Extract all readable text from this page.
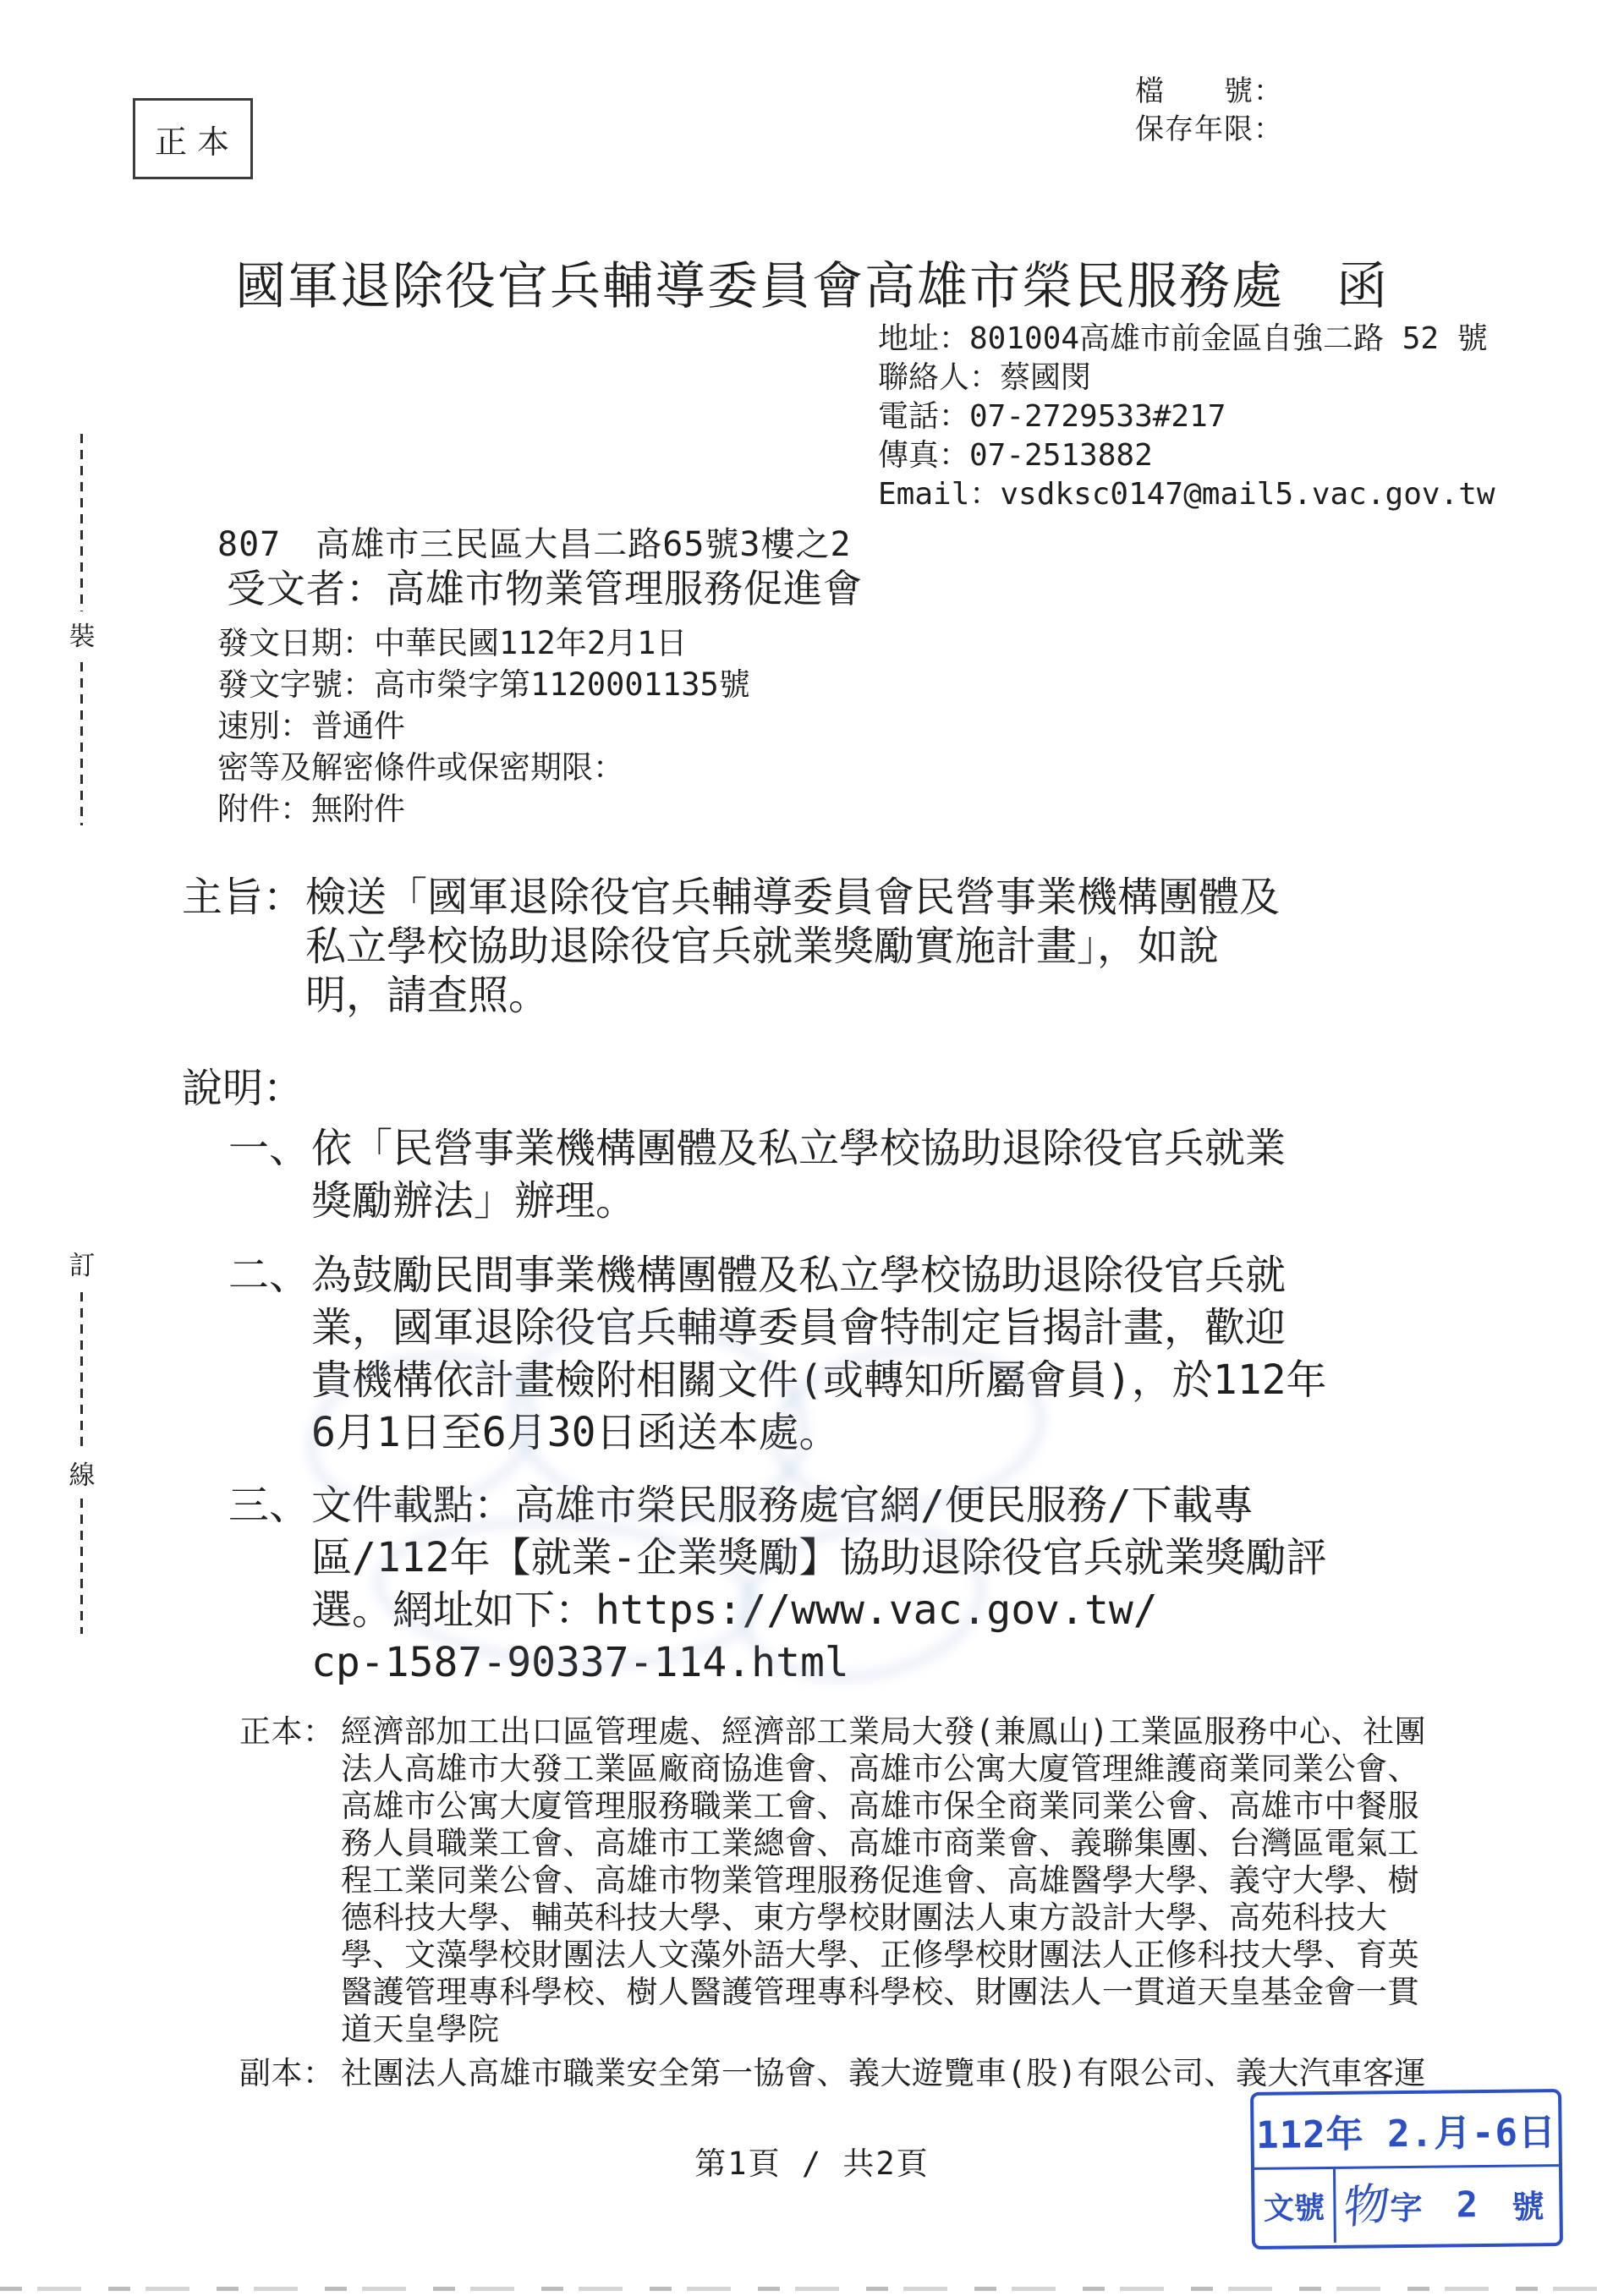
正本
檔　　號：
保存年限：
國軍退除役官兵輔導委員會高雄市榮民服務處　函
地址：801004高雄市前金區自強二路 52 號
聯絡人：蔡國閔
電話：07-2729533#217
傳真：07-2513882
Email：vsdksc0147@mail5.vac.gov.tw
807　高雄市三民區大昌二路65號3樓之2
受文者：高雄市物業管理服務促進會
發文日期：中華民國112年2月1日
發文字號：高市榮字第1120001135號
速別：普通件
密等及解密條件或保密期限：
附件：無附件
主旨： 檢送「國軍退除役官兵輔導委員會民營事業機構團體及
私立學校協助退除役官兵就業獎勵實施計畫」，如說
明，請查照。
說明：
一、 依「民營事業機構團體及私立學校協助退除役官兵就業
獎勵辦法」辦理。
二、 為鼓勵民間事業機構團體及私立學校協助退除役官兵就
業，國軍退除役官兵輔導委員會特制定旨揭計畫，歡迎
貴機構依計畫檢附相關文件(或轉知所屬會員)，於112年
6月1日至6月30日函送本處。
三、 文件載點：高雄市榮民服務處官網/便民服務/下載專
區/112年【就業-企業獎勵】協助退除役官兵就業獎勵評
選。網址如下：https://www.vac.gov.tw/
cp-1587-90337-114.html
正本： 經濟部加工出口區管理處、經濟部工業局大發(兼鳳山)工業區服務中心、社團
法人高雄市大發工業區廠商協進會、高雄市公寓大廈管理維護商業同業公會、
高雄市公寓大廈管理服務職業工會、高雄市保全商業同業公會、高雄市中餐服
務人員職業工會、高雄市工業總會、高雄市商業會、義聯集團、台灣區電氣工
程工業同業公會、高雄市物業管理服務促進會、高雄醫學大學、義守大學、樹
德科技大學、輔英科技大學、東方學校財團法人東方設計大學、高苑科技大
學、文藻學校財團法人文藻外語大學、正修學校財團法人正修科技大學、育英
醫護管理專科學校、樹人醫護管理專科學校、財團法人一貫道天皇基金會一貫
道天皇學院
副本： 社團法人高雄市職業安全第一協會、義大遊覽車(股)有限公司、義大汽車客運
第1頁 / 共2頁
112年 2.月-6日
文號 物
字 2 號
裝
訂
線
